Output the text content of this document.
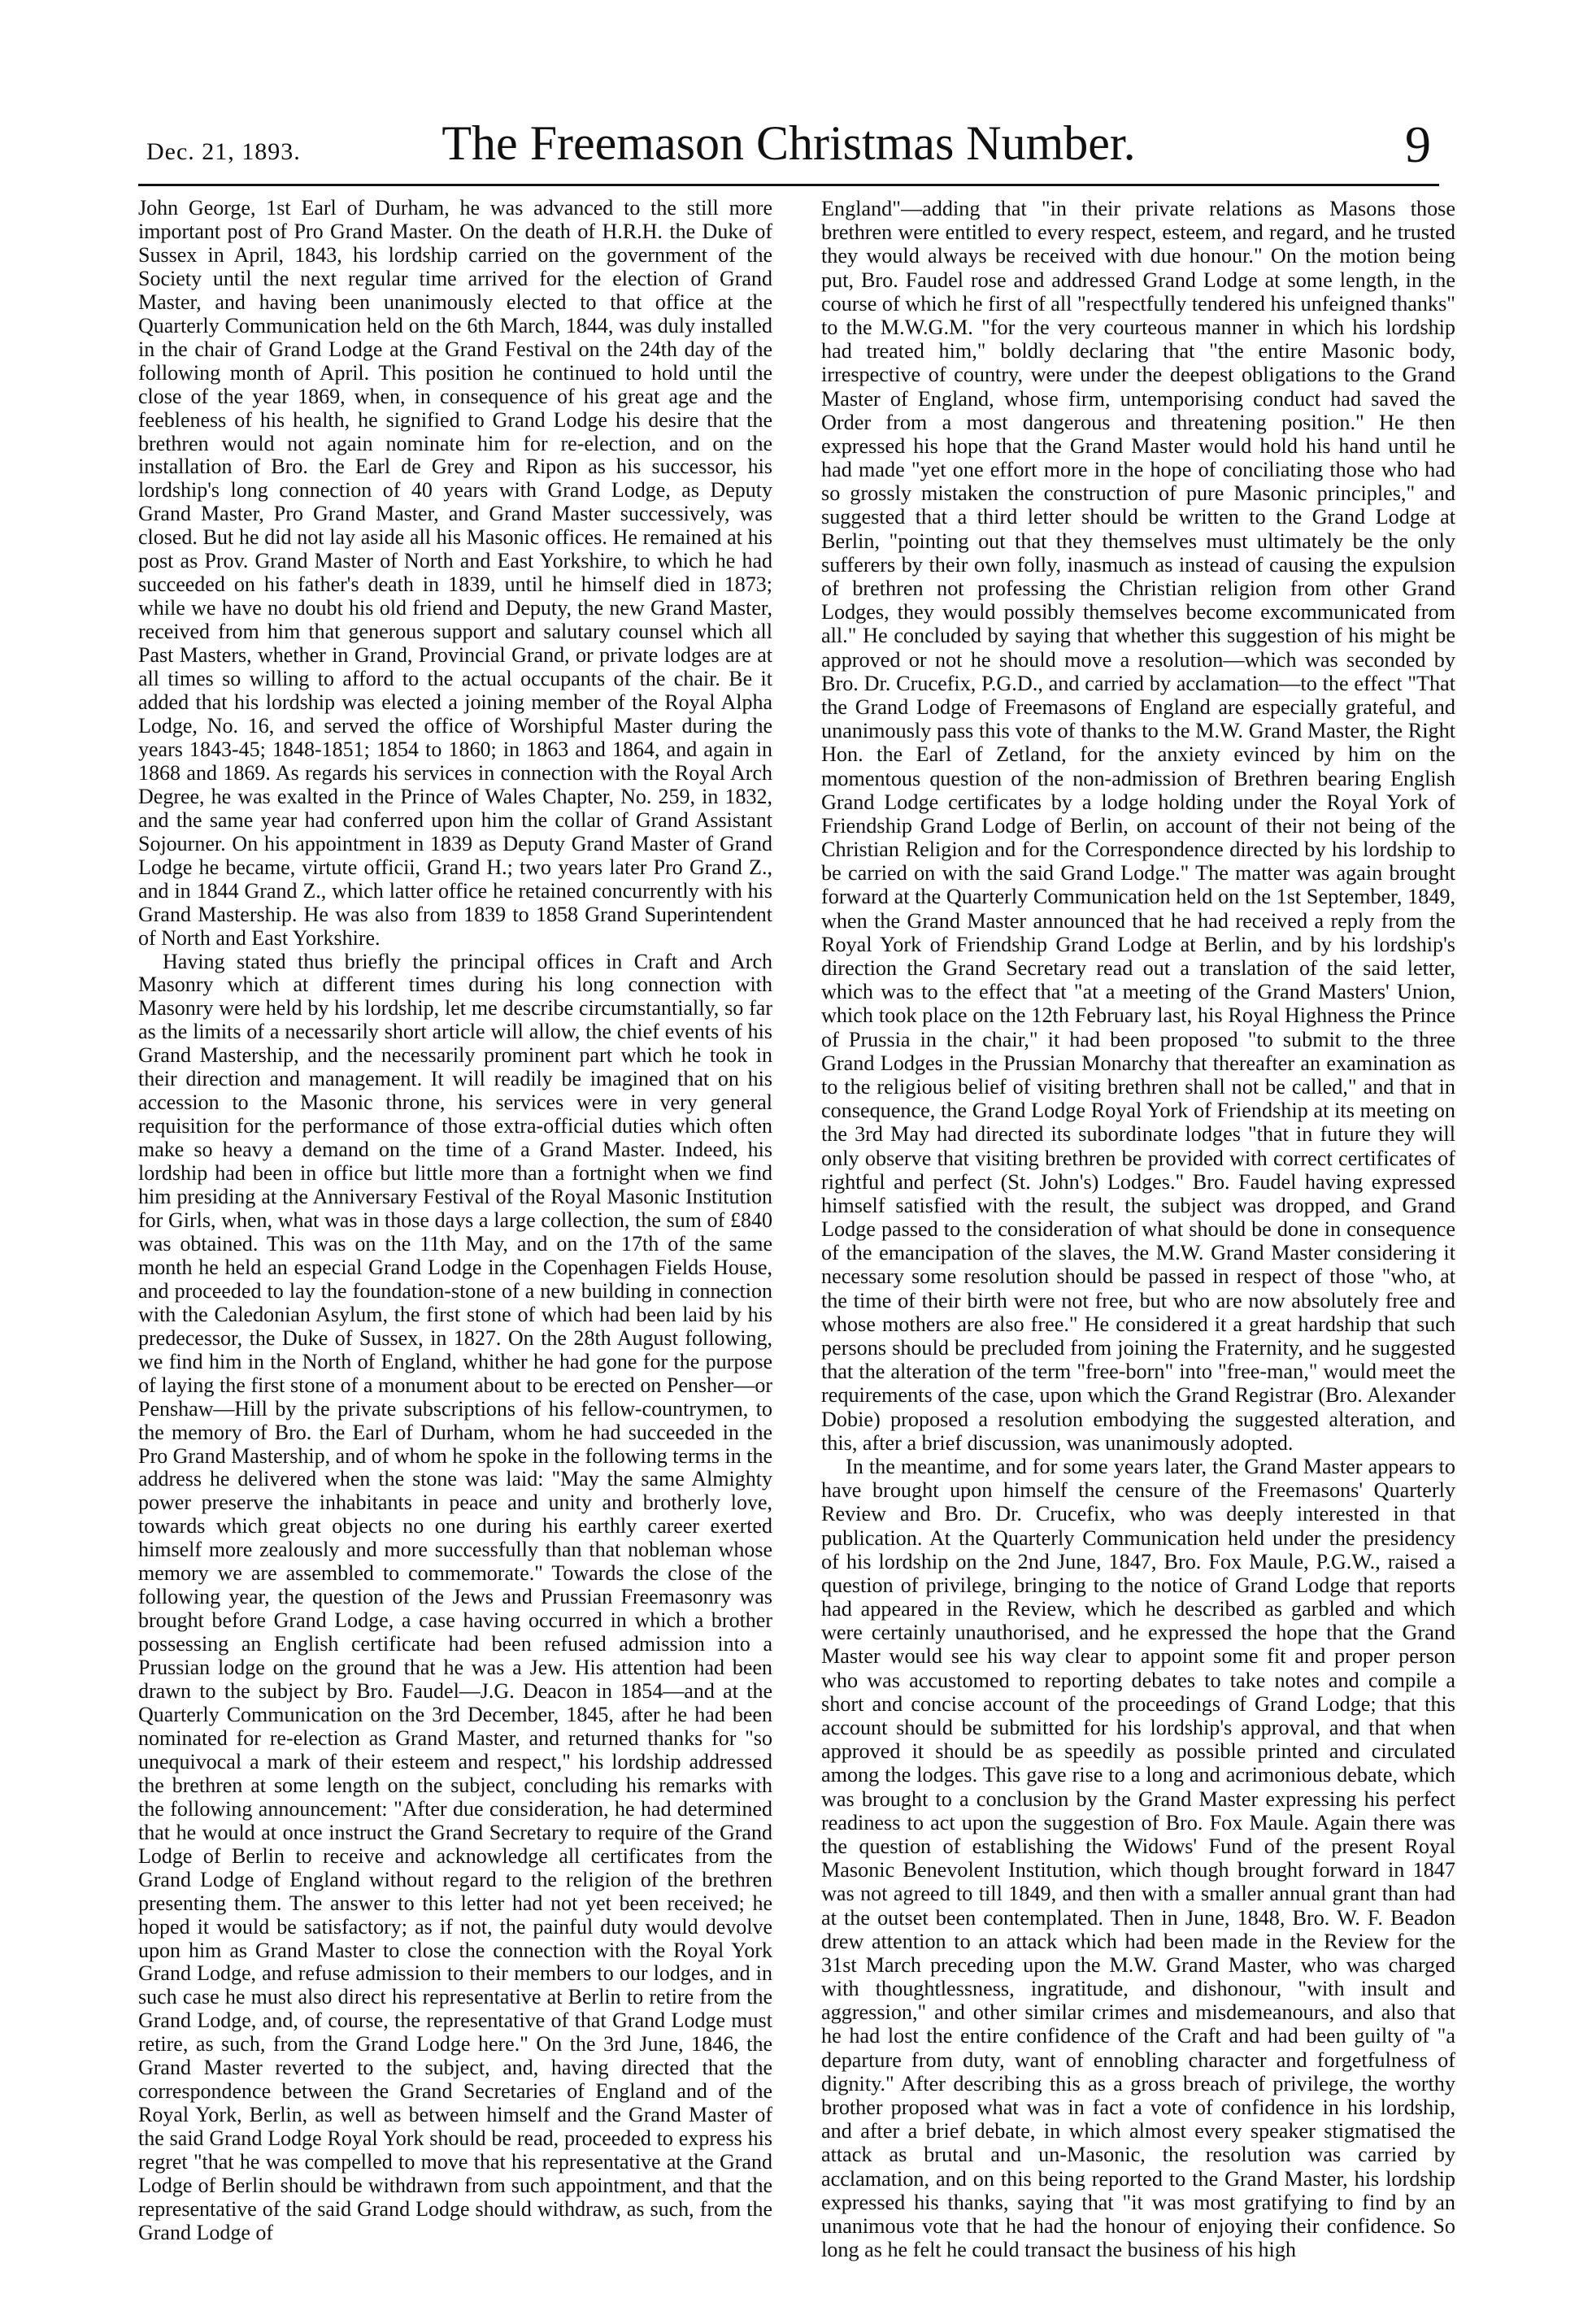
Dec. 21, 1893.	The Freemason Christmas Number.	9

John George, 1st Earl of Durham, he was advanced to the still more important post of Pro Grand Master. On the death of H.R.H. the Duke of Sussex in April, 1843, his lordship carried on the government of the Society until the next regular time arrived for the election of Grand Master, and having been unanimously elected to that office at the Quarterly Communication held on the 6th March, 1844, was duly installed in the chair of Grand Lodge at the Grand Festival on the 24th day of the following month of April. This position he continued to hold until the close of the year 1869, when, in consequence of his great age and the feebleness of his health, he signified to Grand Lodge his desire that the brethren would not again nominate him for re-election, and on the installation of Bro. the Earl de Grey and Ripon as his successor, his lordship's long connection of 40 years with Grand Lodge, as Deputy Grand Master, Pro Grand Master, and Grand Master successively, was closed. But he did not lay aside all his Masonic offices. He remained at his post as Prov. Grand Master of North and East Yorkshire, to which he had succeeded on his father's death in 1839, until he himself died in 1873; while we have no doubt his old friend and Deputy, the new Grand Master, received from him that generous support and salutary counsel which all Past Masters, whether in Grand, Provincial Grand, or private lodges are at all times so willing to afford to the actual occupants of the chair. Be it added that his lordship was elected a joining member of the Royal Alpha Lodge, No. 16, and served the office of Worshipful Master during the years 1843-45; 1848-1851; 1854 to 1860; in 1863 and 1864, and again in 1868 and 1869. As regards his services in connection with the Royal Arch Degree, he was exalted in the Prince of Wales Chapter, No. 259, in 1832, and the same year had conferred upon him the collar of Grand Assistant Sojourner. On his appointment in 1839 as Deputy Grand Master of Grand Lodge he became, virtute officii, Grand H.; two years later Pro Grand Z., and in 1844 Grand Z., which latter office he retained concurrently with his Grand Mastership. He was also from 1839 to 1858 Grand Superintendent of North and East Yorkshire.

Having stated thus briefly the principal offices in Craft and Arch Masonry which at different times during his long connection with Masonry were held by his lordship, let me describe circumstantially, so far as the limits of a necessarily short article will allow, the chief events of his Grand Mastership, and the necessarily prominent part which he took in their direction and management. It will readily be imagined that on his accession to the Masonic throne, his services were in very general requisition for the performance of those extra-official duties which often make so heavy a demand on the time of a Grand Master. Indeed, his lordship had been in office but little more than a fortnight when we find him presiding at the Anniversary Festival of the Royal Masonic Institution for Girls, when, what was in those days a large collection, the sum of £840 was obtained. This was on the 11th May, and on the 17th of the same month he held an especial Grand Lodge in the Copenhagen Fields House, and proceeded to lay the foundation-stone of a new building in connection with the Caledonian Asylum, the first stone of which had been laid by his predecessor, the Duke of Sussex, in 1827. On the 28th August following, we find him in the North of England, whither he had gone for the purpose of laying the first stone of a monument about to be erected on Pensher—or Penshaw—Hill by the private subscriptions of his fellow-countrymen, to the memory of Bro. the Earl of Durham, whom he had succeeded in the Pro Grand Mastership, and of whom he spoke in the following terms in the address he delivered when the stone was laid: "May the same Almighty power preserve the inhabitants in peace and unity and brotherly love, towards which great objects no one during his earthly career exerted himself more zealously and more successfully than that nobleman whose memory we are assembled to commemorate." Towards the close of the following year, the question of the Jews and Prussian Freemasonry was brought before Grand Lodge, a case having occurred in which a brother possessing an English certificate had been refused admission into a Prussian lodge on the ground that he was a Jew. His attention had been drawn to the subject by Bro. Faudel—J.G. Deacon in 1854—and at the Quarterly Communication on the 3rd December, 1845, after he had been nominated for re-election as Grand Master, and returned thanks for "so unequivocal a mark of their esteem and respect," his lordship addressed the brethren at some length on the subject, concluding his remarks with the following announcement: "After due consideration, he had determined that he would at once instruct the Grand Secretary to require of the Grand Lodge of Berlin to receive and acknowledge all certificates from the Grand Lodge of England without regard to the religion of the brethren presenting them. The answer to this letter had not yet been received; he hoped it would be satisfactory; as if not, the painful duty would devolve upon him as Grand Master to close the connection with the Royal York Grand Lodge, and refuse admission to their members to our lodges, and in such case he must also direct his representative at Berlin to retire from the Grand Lodge, and, of course, the representative of that Grand Lodge must retire, as such, from the Grand Lodge here." On the 3rd June, 1846, the Grand Master reverted to the subject, and, having directed that the correspondence between the Grand Secretaries of England and of the Royal York, Berlin, as well as between himself and the Grand Master of the said Grand Lodge Royal York should be read, proceeded to express his regret "that he was compelled to move that his representative at the Grand Lodge of Berlin should be withdrawn from such appointment, and that the representative of the said Grand Lodge should withdraw, as such, from the Grand Lodge of

England"—adding that "in their private relations as Masons those brethren were entitled to every respect, esteem, and regard, and he trusted they would always be received with due honour." On the motion being put, Bro. Faudel rose and addressed Grand Lodge at some length, in the course of which he first of all "respectfully tendered his unfeigned thanks" to the M.W.G.M. "for the very courteous manner in which his lordship had treated him," boldly declaring that "the entire Masonic body, irrespective of country, were under the deepest obligations to the Grand Master of England, whose firm, untemporising conduct had saved the Order from a most dangerous and threatening position." He then expressed his hope that the Grand Master would hold his hand until he had made "yet one effort more in the hope of conciliating those who had so grossly mistaken the construction of pure Masonic principles," and suggested that a third letter should be written to the Grand Lodge at Berlin, "pointing out that they themselves must ultimately be the only sufferers by their own folly, inasmuch as instead of causing the expulsion of brethren not professing the Christian religion from other Grand Lodges, they would possibly themselves become excommunicated from all." He concluded by saying that whether this suggestion of his might be approved or not he should move a resolution—which was seconded by Bro. Dr. Crucefix, P.G.D., and carried by acclamation—to the effect "That the Grand Lodge of Freemasons of England are especially grateful, and unanimously pass this vote of thanks to the M.W. Grand Master, the Right Hon. the Earl of Zetland, for the anxiety evinced by him on the momentous question of the non-admission of Brethren bearing English Grand Lodge certificates by a lodge holding under the Royal York of Friendship Grand Lodge of Berlin, on account of their not being of the Christian Religion and for the Correspondence directed by his lordship to be carried on with the said Grand Lodge." The matter was again brought forward at the Quarterly Communication held on the 1st September, 1849, when the Grand Master announced that he had received a reply from the Royal York of Friendship Grand Lodge at Berlin, and by his lordship's direction the Grand Secretary read out a translation of the said letter, which was to the effect that "at a meeting of the Grand Masters' Union, which took place on the 12th February last, his Royal Highness the Prince of Prussia in the chair," it had been proposed "to submit to the three Grand Lodges in the Prussian Monarchy that thereafter an examination as to the religious belief of visiting brethren shall not be called," and that in consequence, the Grand Lodge Royal York of Friendship at its meeting on the 3rd May had directed its subordinate lodges "that in future they will only observe that visiting brethren be provided with correct certificates of rightful and perfect (St. John's) Lodges." Bro. Faudel having expressed himself satisfied with the result, the subject was dropped, and Grand Lodge passed to the consideration of what should be done in consequence of the emancipation of the slaves, the M.W. Grand Master considering it necessary some resolution should be passed in respect of those "who, at the time of their birth were not free, but who are now absolutely free and whose mothers are also free." He considered it a great hardship that such persons should be precluded from joining the Fraternity, and he suggested that the alteration of the term "free-born" into "free-man," would meet the requirements of the case, upon which the Grand Registrar (Bro. Alexander Dobie) proposed a resolution embodying the suggested alteration, and this, after a brief discussion, was unanimously adopted.

In the meantime, and for some years later, the Grand Master appears to have brought upon himself the censure of the Freemasons' Quarterly Review and Bro. Dr. Crucefix, who was deeply interested in that publication. At the Quarterly Communication held under the presidency of his lordship on the 2nd June, 1847, Bro. Fox Maule, P.G.W., raised a question of privilege, bringing to the notice of Grand Lodge that reports had appeared in the Review, which he described as garbled and which were certainly unauthorised, and he expressed the hope that the Grand Master would see his way clear to appoint some fit and proper person who was accustomed to reporting debates to take notes and compile a short and concise account of the proceedings of Grand Lodge; that this account should be submitted for his lordship's approval, and that when approved it should be as speedily as possible printed and circulated among the lodges. This gave rise to a long and acrimonious debate, which was brought to a conclusion by the Grand Master expressing his perfect readiness to act upon the suggestion of Bro. Fox Maule. Again there was the question of establishing the Widows' Fund of the present Royal Masonic Benevolent Institution, which though brought forward in 1847 was not agreed to till 1849, and then with a smaller annual grant than had at the outset been contemplated. Then in June, 1848, Bro. W. F. Beadon drew attention to an attack which had been made in the Review for the 31st March preceding upon the M.W. Grand Master, who was charged with thoughtlessness, ingratitude, and dishonour, "with insult and aggression," and other similar crimes and misdemeanours, and also that he had lost the entire confidence of the Craft and had been guilty of "a departure from duty, want of ennobling character and forgetfulness of dignity." After describing this as a gross breach of privilege, the worthy brother proposed what was in fact a vote of confidence in his lordship, and after a brief debate, in which almost every speaker stigmatised the attack as brutal and un-Masonic, the resolution was carried by acclamation, and on this being reported to the Grand Master, his lordship expressed his thanks, saying that "it was most gratifying to find by an unanimous vote that he had the honour of enjoying their confidence. So long as he felt he could transact the business of his high
